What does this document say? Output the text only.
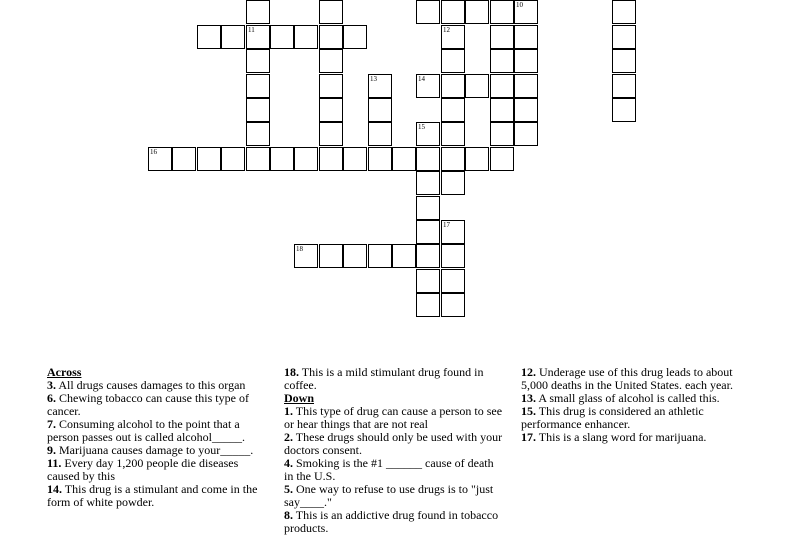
11
13
15
12
17
10
14
16
18
Across
3. All drugs causes damages to this organ
6. Chewing tobacco can cause this type of cancer.
7. Consuming alcohol to the point that a person passes out is called alcohol_____.
9. Marijuana causes damage to your_____.
11. Every day 1,200 people die diseases caused by this
14. This drug is a stimulant and come in the form of white powder.
18. This is a mild stimulant drug found in coffee.
Down
1. This type of drug can cause a person to see or hear things that are not real
2. These drugs should only be used with your doctors consent.
4. Smoking is the #1 ______ cause of death in the U.S.
5. One way to refuse to use drugs is to "just say____."
8. This is an addictive drug found in tobacco products.
12. Underage use of this drug leads to about 5,000 deaths in the United States. each year.
13. A small glass of alcohol is called this.
15. This drug is considered an athletic performance enhancer.
17. This is a slang word for marijuana.
